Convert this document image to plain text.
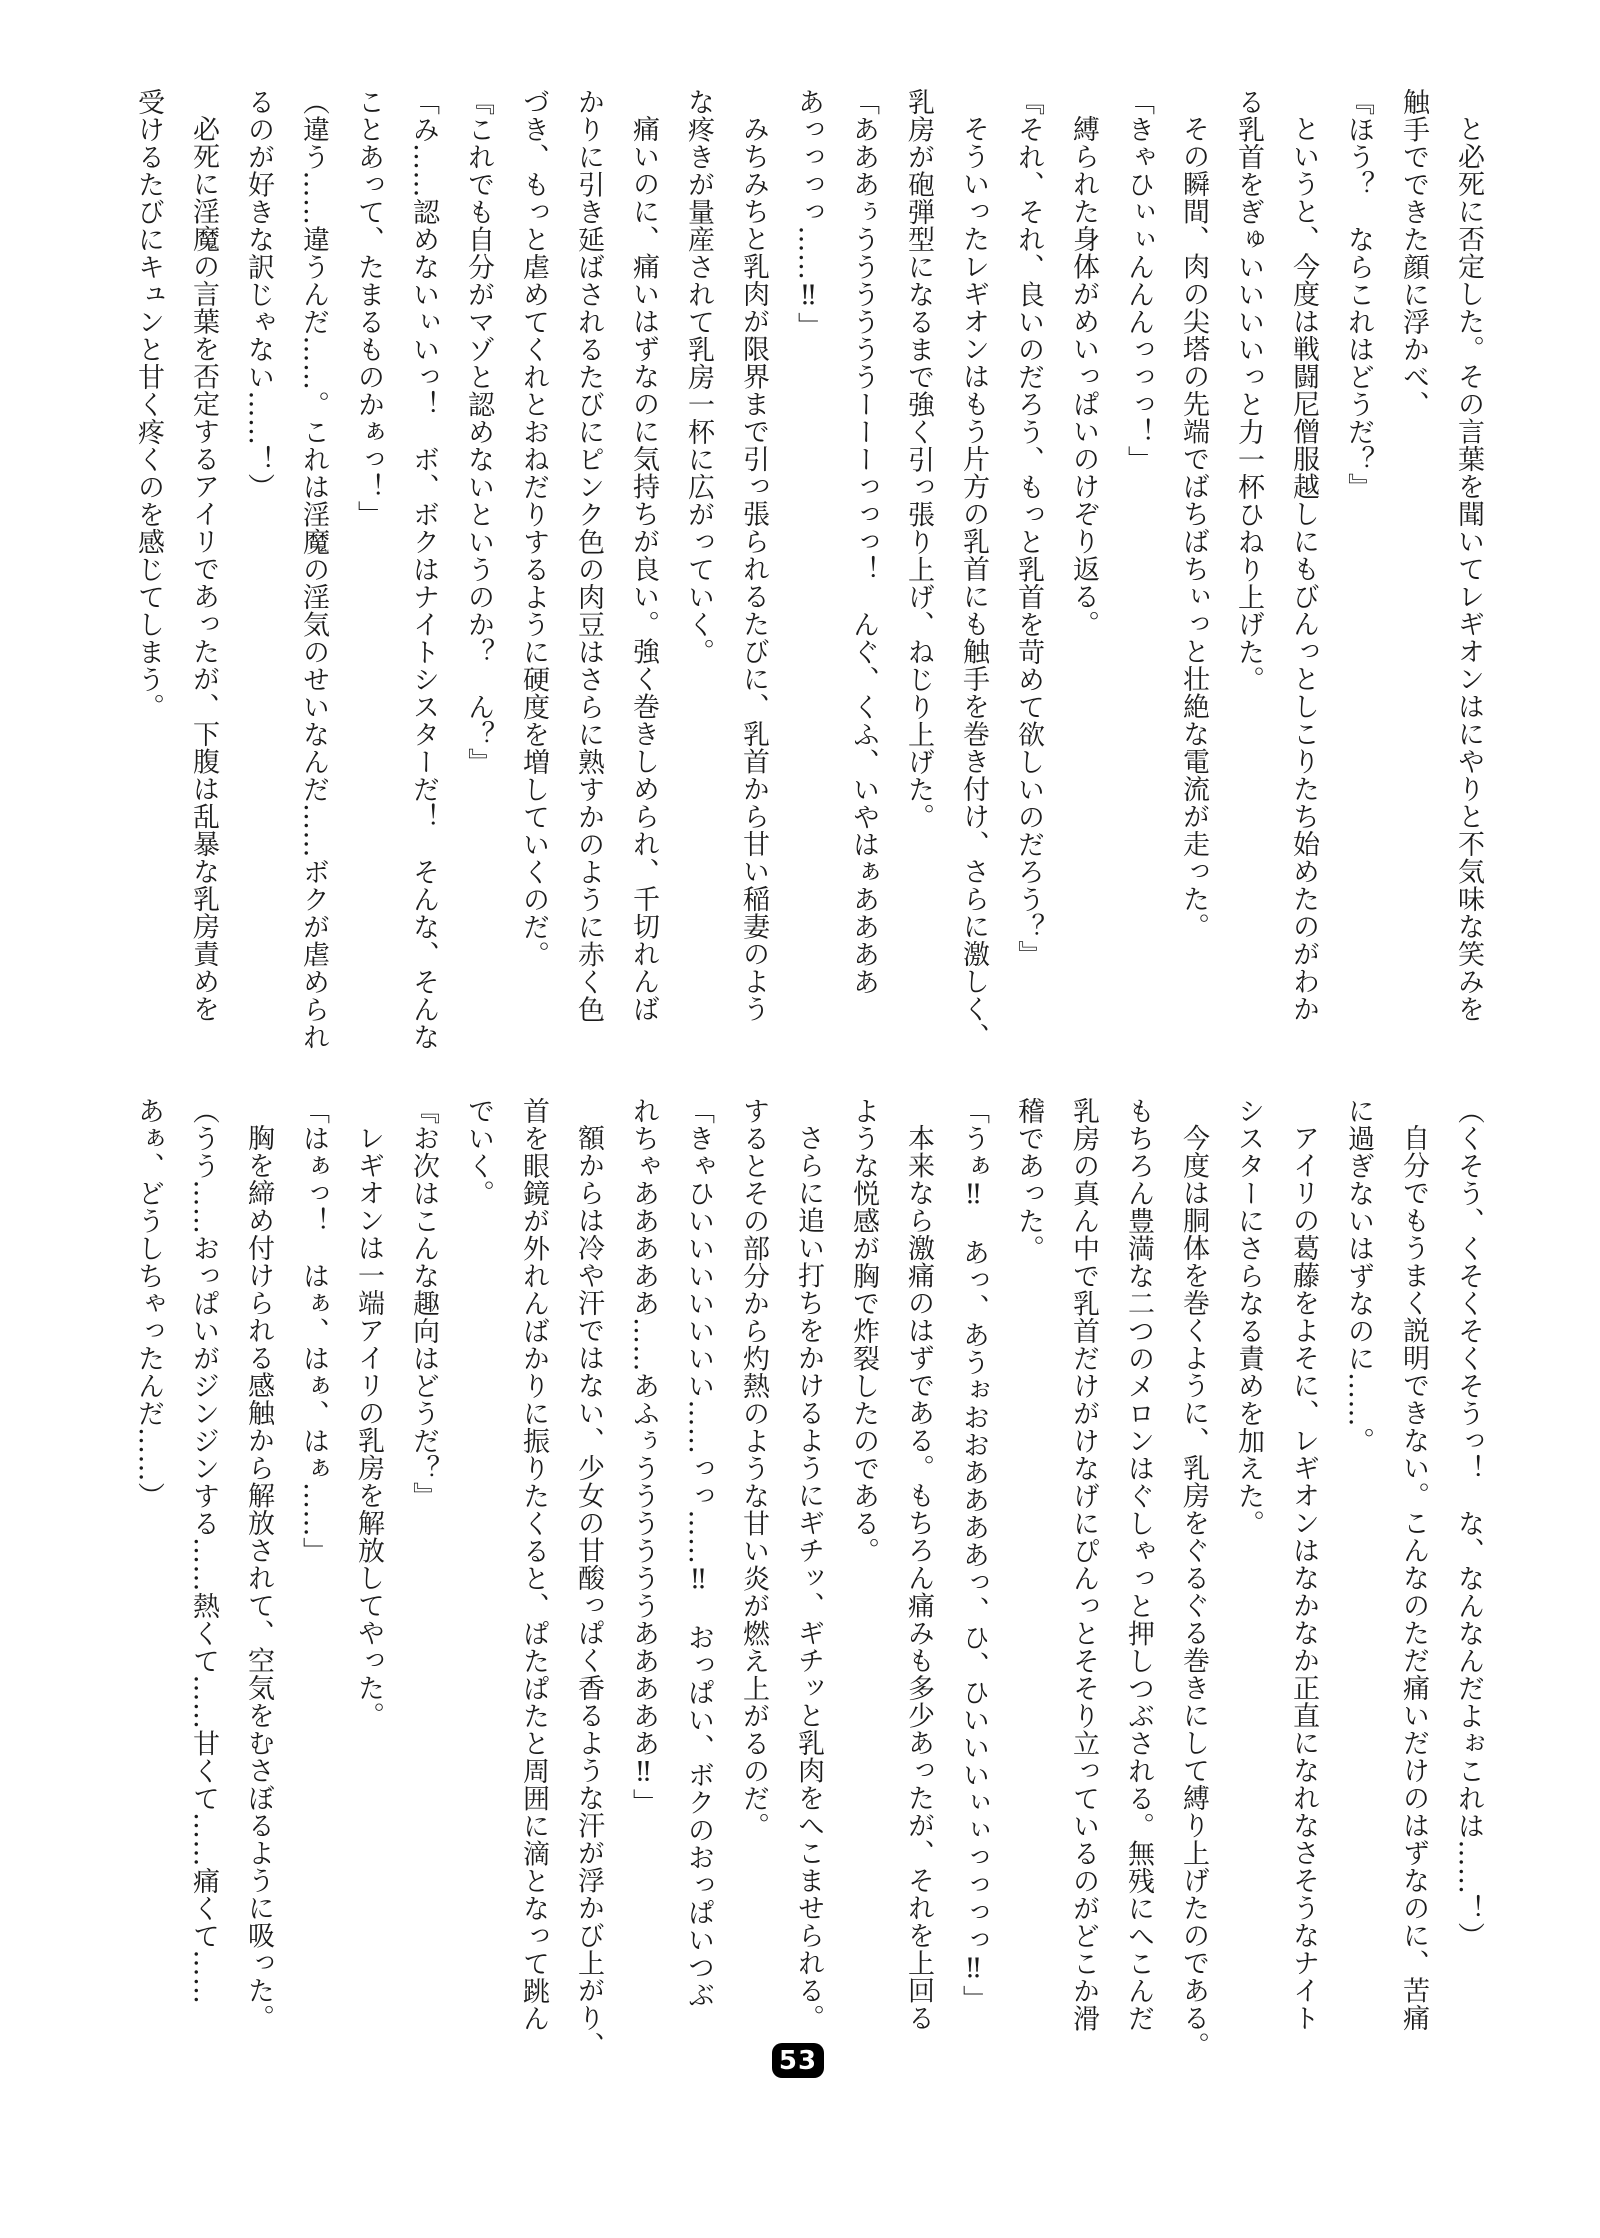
と必死に否定した。その言葉を聞いてレギオンはにやりと不気味な笑みを
触手でできた顔に浮かべ、
『ほう？　ならこれはどうだ？』
というと、今度は戦闘尼僧服越しにもびんっとしこりたち始めたのがわか
る乳首をぎゅいいいいっと力一杯ひねり上げた。
その瞬間、肉の尖塔の先端でばちばちぃっと壮絶な電流が走った。
「きゃひぃぃんんんっっっ！」
縛られた身体がめいっぱいのけぞり返る。
『それ、それ、良いのだろう、もっと乳首を苛めて欲しいのだろう？』
そういったレギオンはもう片方の乳首にも触手を巻き付け、さらに激しく、
乳房が砲弾型になるまで強く引っ張り上げ、ねじり上げた。
「あああぅううううううーーーっっっ！　んぐ、くふ、いやはぁああああ
あっっっっ……‼」
みちみちと乳肉が限界まで引っ張られるたびに、乳首から甘い稲妻のよう
な疼きが量産されて乳房一杯に広がっていく。
痛いのに、痛いはずなのに気持ちが良い。強く巻きしめられ、千切れんば
かりに引き延ばされるたびにピンク色の肉豆はさらに熟すかのように赤く色
づき、もっと虐めてくれとおねだりするように硬度を増していくのだ。
『これでも自分がマゾと認めないというのか？　ん？』
「み……認めないぃいっ！　ボ、ボクはナイトシスターだ！　そんな、そんな
ことあって、たまるものかぁっ！」
（違う……違うんだ……。これは淫魔の淫気のせいなんだ……ボクが虐められ
るのが好きな訳じゃない……！）
必死に淫魔の言葉を否定するアイリであったが、下腹は乱暴な乳房責めを
受けるたびにキュンと甘く疼くのを感じてしまう。
（くそう、くそくそくそうっ！　な、なんなんだよぉこれは……！）
自分でもうまく説明できない。こんなのただ痛いだけのはずなのに、苦痛
に過ぎないはずなのに……。
アイリの葛藤をよそに、レギオンはなかなか正直になれなさそうなナイト
シスターにさらなる責めを加えた。
今度は胴体を巻くように、乳房をぐるぐる巻きにして縛り上げたのである。
もちろん豊満な二つのメロンはぐしゃっと押しつぶされる。無残にへこんだ
乳房の真ん中で乳首だけがけなげにぴんっとそそり立っているのがどこか滑
稽であった。
「うぁ‼　あっ、あうぉおおああああっ、ひ、ひいいいぃぃっっっっ‼」
本来なら激痛のはずである。もちろん痛みも多少あったが、それを上回る
ような悦感が胸で炸裂したのである。
さらに追い打ちをかけるようにギチッ、ギチッと乳肉をへこませられる。
するとその部分から灼熱のような甘い炎が燃え上がるのだ。
「きゃひいいいいいいい……っっ……‼　おっぱい、ボクのおっぱいつぶ
れちゃあああああ……あふぅううううううあああああ‼」
額からは冷や汗ではない、少女の甘酸っぱく香るような汗が浮かび上がり、
首を眼鏡が外れんばかりに振りたくると、ぱたぱたと周囲に滴となって跳ん
でいく。
『お次はこんな趣向はどうだ？』
レギオンは一端アイリの乳房を解放してやった。
「はぁっ！　はぁ、はぁ、はぁ……」
胸を締め付けられる感触から解放されて、空気をむさぼるように吸った。
（うう……おっぱいがジンジンする……熱くて……甘くて……痛くて……
あぁ、どうしちゃったんだ……）
53
